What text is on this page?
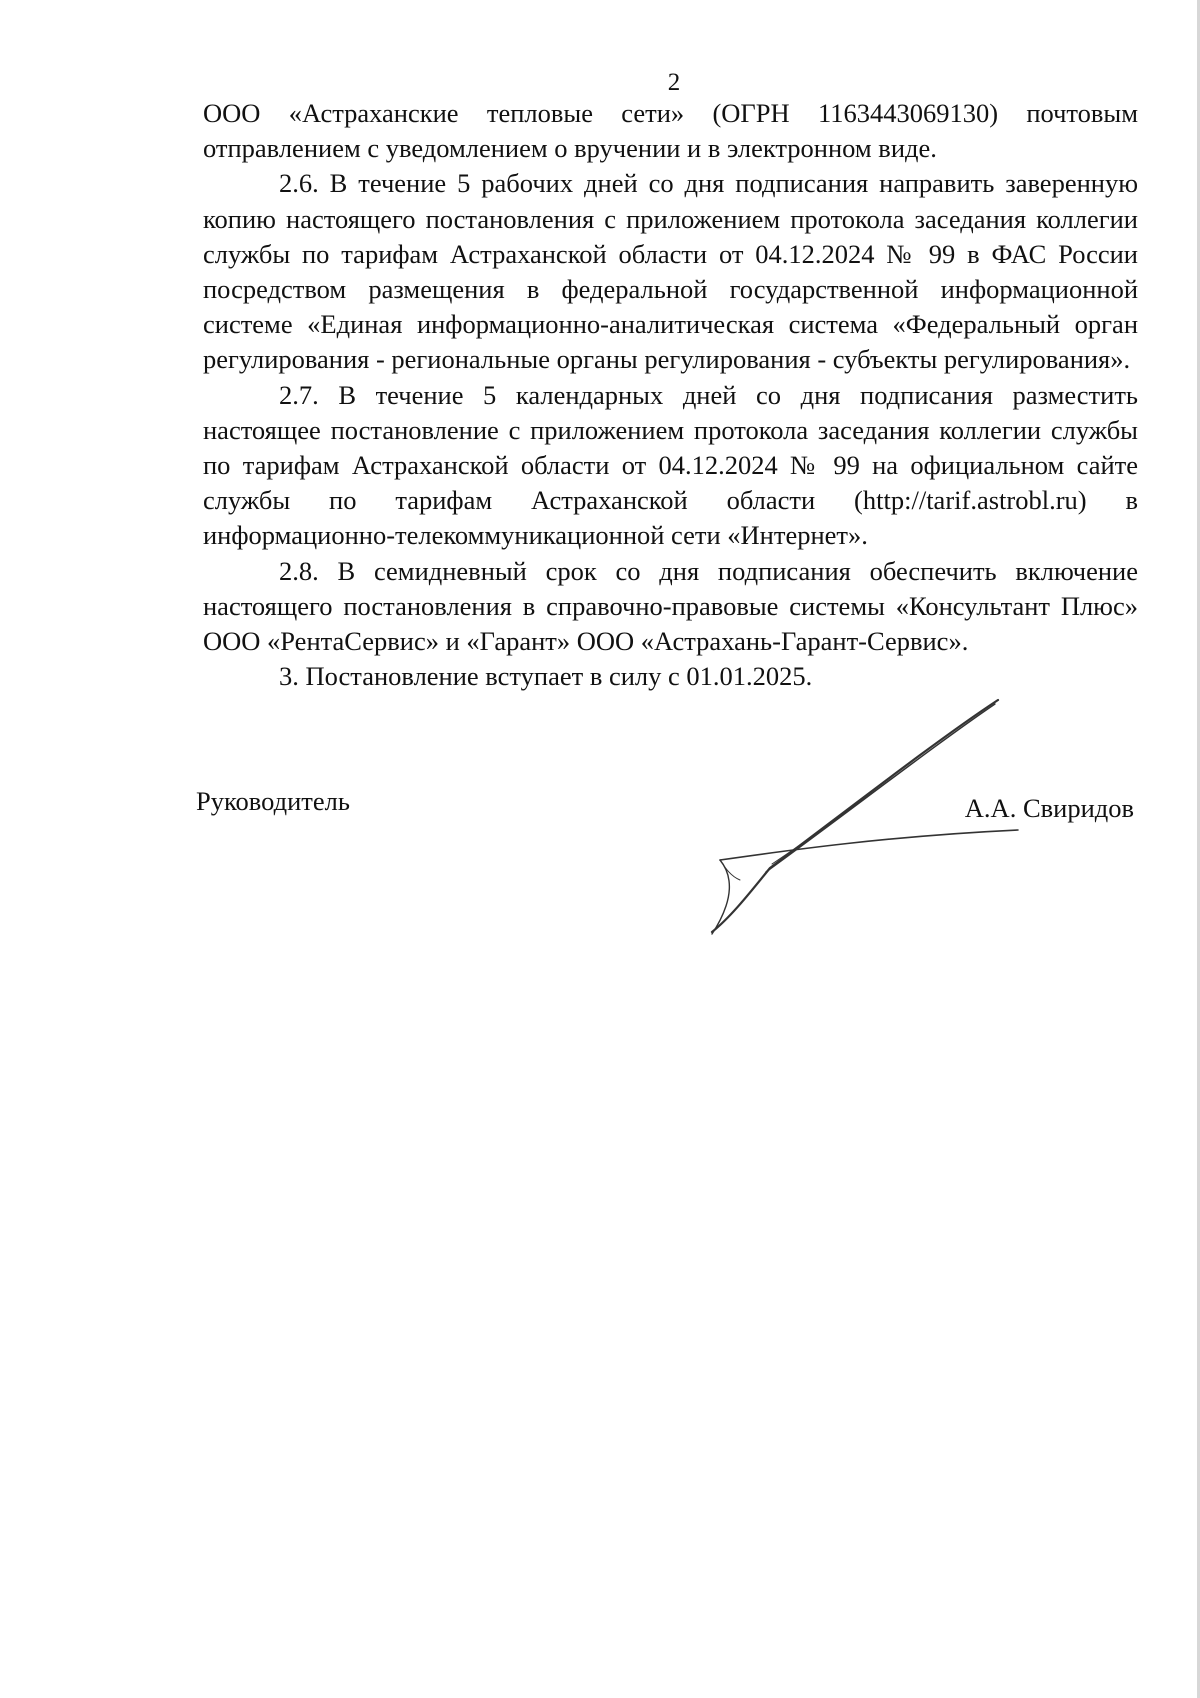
2

ООО «Астраханские тепловые сети» (ОГРН 1163443069130) почтовым отправлением с уведомлением о вручении и в электронном виде.

2.6. В течение 5 рабочих дней со дня подписания направить заверенную копию настоящего постановления с приложением протокола заседания коллегии службы по тарифам Астраханской области от 04.12.2024 № 99 в ФАС России посредством размещения в федеральной государственной информационной системе «Единая информационно-аналитическая система «Федеральный орган регулирования - региональные органы регулирования - субъекты регулирования».

2.7. В течение 5 календарных дней со дня подписания разместить настоящее постановление с приложением протокола заседания коллегии службы по тарифам Астраханской области от 04.12.2024 № 99 на официальном сайте службы по тарифам Астраханской области (http://tarif.astrobl.ru) в информационно-телекоммуникационной сети «Интернет».

2.8. В семидневный срок со дня подписания обеспечить включение настоящего постановления в справочно-правовые системы «Консультант Плюс» ООО «РентаСервис» и «Гарант» ООО «Астрахань-Гарант-Сервис».

3. Постановление вступает в силу с 01.01.2025.

Руководитель	А.А. Свиридов
